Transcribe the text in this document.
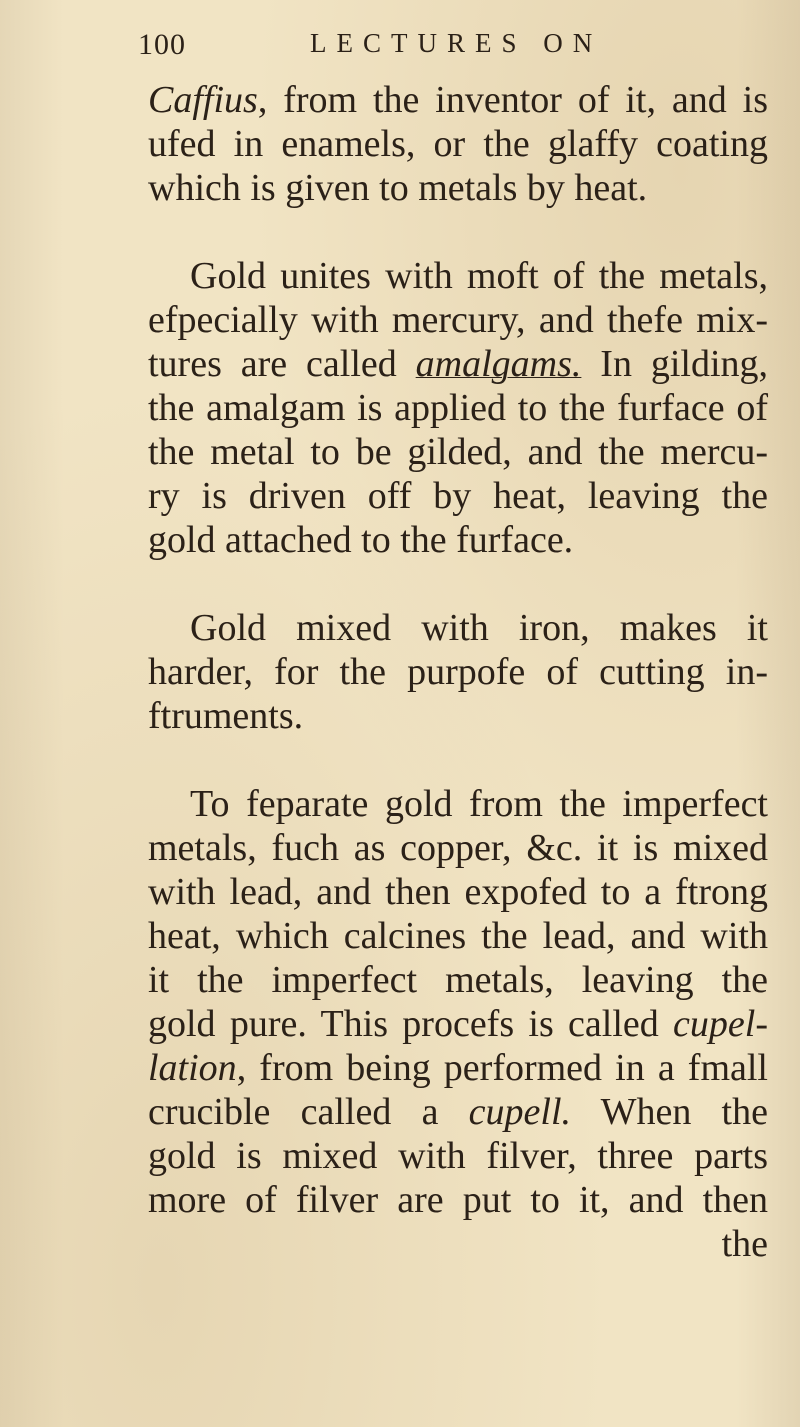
100	LECTURES ON
Caffius, from the inventor of it, and is
ufed in enamels, or the glaffy coating
which is given to metals by heat.
Gold unites with moft of the metals,
efpecially with mercury, and thefe mix-
tures are called amalgams. In gilding,
the amalgam is applied to the furface of
the metal to be gilded, and the mercu-
ry is driven off by heat, leaving the
gold attached to the furface.
Gold mixed with iron, makes it
harder, for the purpofe of cutting in-
ftruments.
To feparate gold from the imperfect
metals, fuch as copper, &c. it is mixed
with lead, and then expofed to a ftrong
heat, which calcines the lead, and with
it the imperfect metals, leaving the
gold pure. This procefs is called cupel-
lation, from being performed in a fmall
crucible called a cupell. When the
gold is mixed with filver, three parts
more of filver are put to it, and then
the
